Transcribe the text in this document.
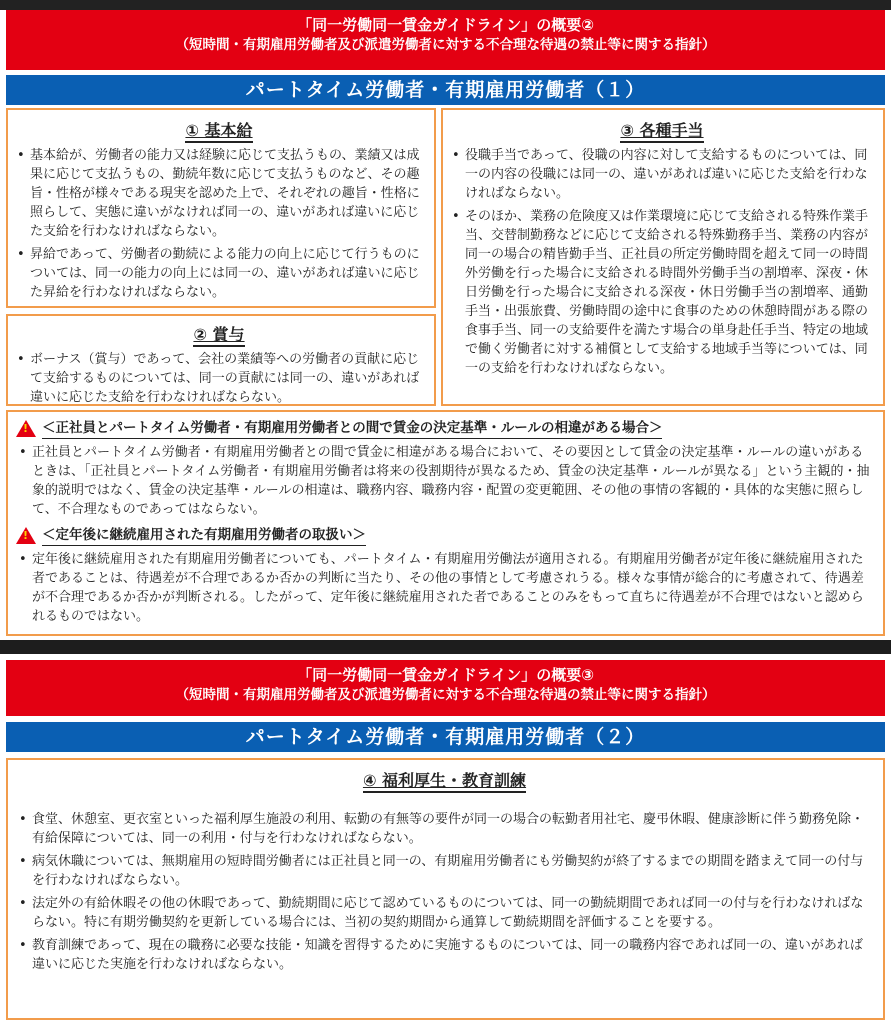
「同一労働同一賃金ガイドライン」の概要②
（短時間・有期雇用労働者及び派遣労働者に対する不合理な待遇の禁止等に関する指針）
パートタイム労働者・有期雇用労働者（１）
① 基本給
• 基本給が、労働者の能力又は経験に応じて支払うもの、業績又は成果に応じて支払うもの、勤続年数に応じて支払うものなど、その趣旨・性格が様々である現実を認めた上で、それぞれの趣旨・性格に照らして、実態に違いがなければ同一の、違いがあれば違いに応じた支給を行わなければならない。
• 昇給であって、労働者の勤続による能力の向上に応じて行うものについては、同一の能力の向上には同一の、違いがあれば違いに応じた昇給を行わなければならない。
② 賞与
• ボーナス（賞与）であって、会社の業績等への労働者の貢献に応じて支給するものについては、同一の貢献には同一の、違いがあれば違いに応じた支給を行わなければならない。
③ 各種手当
• 役職手当であって、役職の内容に対して支給するものについては、同一の内容の役職には同一の、違いがあれば違いに応じた支給を行わなければならない。
• そのほか、業務の危険度又は作業環境に応じて支給される特殊作業手当、交替制勤務などに応じて支給される特殊勤務手当、業務の内容が同一の場合の精皆勤手当、正社員の所定労働時間を超えて同一の時間外労働を行った場合に支給される時間外労働手当の割増率、深夜・休日労働を行った場合に支給される深夜・休日労働手当の割増率、通勤手当・出張旅費、労働時間の途中に食事のための休憩時間がある際の食事手当、同一の支給要件を満たす場合の単身赴任手当、特定の地域で働く労働者に対する補償として支給する地域手当等については、同一の支給を行わなければならない。
!
＜正社員とパートタイム労働者・有期雇用労働者との間で賃金の決定基準・ルールの相違がある場合＞
• 正社員とパートタイム労働者・有期雇用労働者との間で賃金に相違がある場合において、その要因として賃金の決定基準・ルールの違いがあるときは、「正社員とパートタイム労働者・有期雇用労働者は将来の役割期待が異なるため、賃金の決定基準・ルールが異なる」という主観的・抽象的説明ではなく、賃金の決定基準・ルールの相違は、職務内容、職務内容・配置の変更範囲、その他の事情の客観的・具体的な実態に照らして、不合理なものであってはならない。
!
＜定年後に継続雇用された有期雇用労働者の取扱い＞
• 定年後に継続雇用された有期雇用労働者についても、パートタイム・有期雇用労働法が適用される。有期雇用労働者が定年後に継続雇用された者であることは、待遇差が不合理であるか否かの判断に当たり、その他の事情として考慮されうる。様々な事情が総合的に考慮されて、待遇差が不合理であるか否かが判断される。したがって、定年後に継続雇用された者であることのみをもって直ちに待遇差が不合理ではないと認められるものではない。
「同一労働同一賃金ガイドライン」の概要③
（短時間・有期雇用労働者及び派遣労働者に対する不合理な待遇の禁止等に関する指針）
パートタイム労働者・有期雇用労働者（２）
④ 福利厚生・教育訓練
• 食堂、休憩室、更衣室といった福利厚生施設の利用、転勤の有無等の要件が同一の場合の転勤者用社宅、慶弔休暇、健康診断に伴う勤務免除・有給保障については、同一の利用・付与を行わなければならない。
• 病気休職については、無期雇用の短時間労働者には正社員と同一の、有期雇用労働者にも労働契約が終了するまでの期間を踏まえて同一の付与を行わなければならない。
• 法定外の有給休暇その他の休暇であって、勤続期間に応じて認めているものについては、同一の勤続期間であれば同一の付与を行わなければならない。特に有期労働契約を更新している場合には、当初の契約期間から通算して勤続期間を評価することを要する。
• 教育訓練であって、現在の職務に必要な技能・知識を習得するために実施するものについては、同一の職務内容であれば同一の、違いがあれば違いに応じた実施を行わなければならない。
